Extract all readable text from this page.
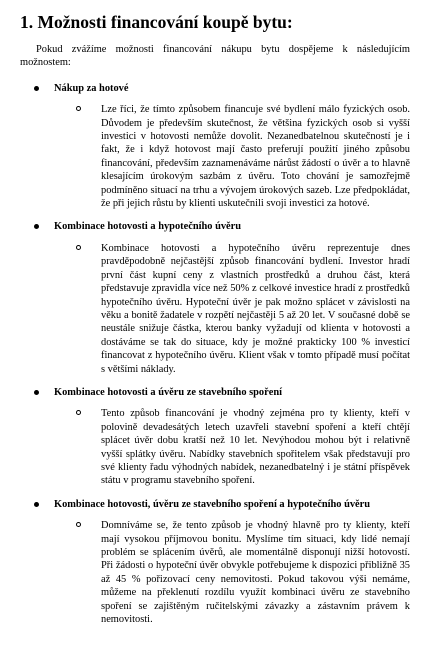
1. Možnosti financování koupě bytu:

Pokud zvážíme možnosti financování nákupu bytu dospějeme k následujícím možnostem:

Nákup za hotové

Lze říci, že tímto způsobem financuje své bydlení málo fyzických osob. Důvodem je především skutečnost, že většina fyzických osob si vyšší investici v hotovosti nemůže dovolit. Nezanedbatelnou skutečností je i fakt, že i když hotovost mají často preferují použití jiného způsobu financování, především zaznamenáváme nárůst žádostí o úvěr a to hlavně klesajícím úrokovým sazbám z úvěru. Toto chování je samozřejmě podmíněno situací na trhu a vývojem úrokových sazeb. Lze předpokládat, že při jejich růstu by klienti uskutečnili svoji investici za hotové.

Kombinace hotovosti a hypotečního úvěru

Kombinace hotovosti a hypotečního úvěru reprezentuje dnes pravděpodobně nejčastější způsob financování bydlení. Investor hradí první část kupní ceny z vlastních prostředků a druhou část, která představuje zpravidla více než 50% z celkové investice hradí z prostředků hypotečního úvěru. Hypoteční úvěr je pak možno splácet v závislosti na věku a bonitě žadatele v rozpětí nejčastěji 5 až 20 let. V současné době se neustále snižuje částka, kterou banky vyžadují od klienta v hotovosti a dostáváme se tak do situace, kdy je možné prakticky 100 % investicí financovat z hypotečního úvěru. Klient však v tomto případě musí počítat s většími náklady.

Kombinace hotovosti a úvěru ze stavebního spoření

Tento způsob financování je vhodný zejména pro ty klienty, kteří v polovině devadesátých letech uzavřeli stavební spoření a kteří chtějí splácet úvěr dobu kratší než 10 let. Nevýhodou mohou být i relativně vyšší splátky úvěru. Nabídky stavebních spořitelem však představují pro své klienty řadu výhodných nabídek, nezanedbatelný i je státní příspěvek státu v programu stavebního spoření.

Kombinace hotovosti, úvěru ze stavebního spoření a hypotečního úvěru

Domníváme se, že tento způsob je vhodný hlavně pro ty klienty, kteří mají vysokou příjmovou bonitu. Myslíme tím situaci, kdy lidé nemají problém se splácením úvěrů, ale momentálně disponují nižší hotovostí. Při žádosti o hypoteční úvěr obvykle potřebujeme k dispozici přibližně 35 až 45 % pořizovací ceny nemovitosti. Pokud takovou výši nemáme, můžeme na překlenutí rozdílu využít kombinaci úvěru ze stavebního spoření se zajištěným ručitelskými závazky a zástavním právem k nemovitosti.
